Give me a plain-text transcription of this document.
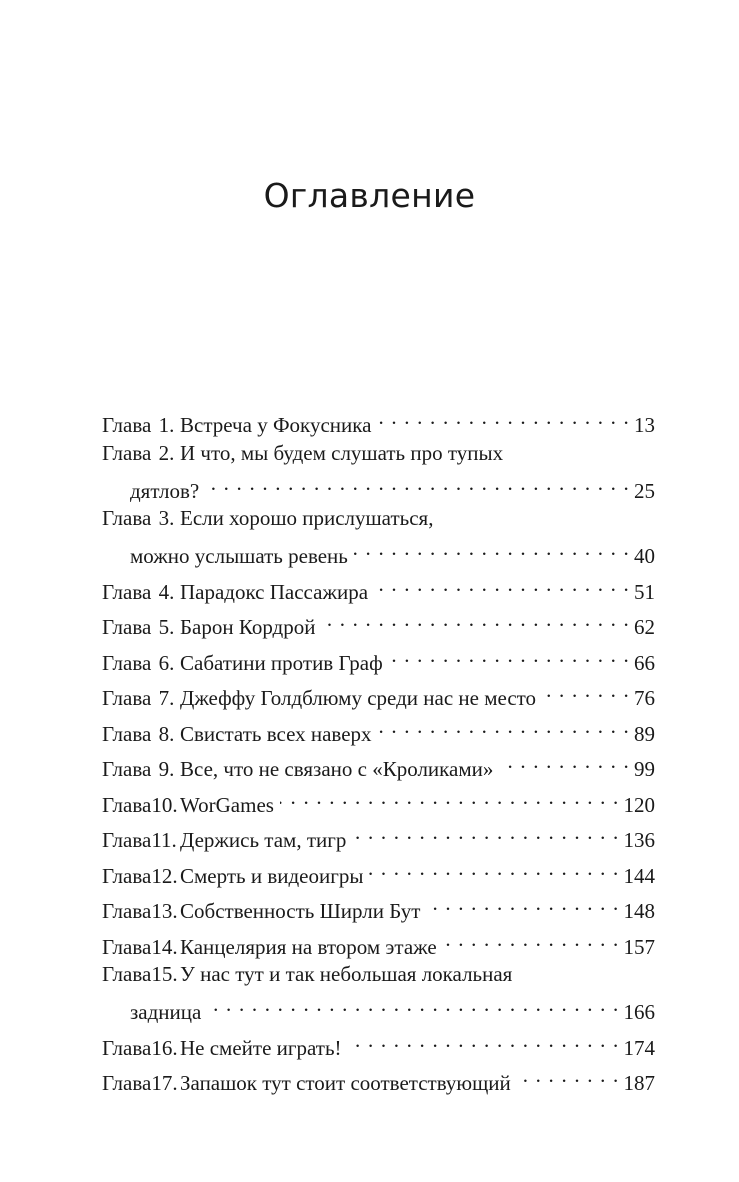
Оглавление
Глава 1. Встреча у Фокусника . . .	13
Глава 2. И что, мы будем слушать про тупых
дятлов? . . .	25
Глава 3. Если хорошо прислушаться,
можно услышать ревень . . .	40
Глава 4. Парадокс Пассажира . . .	51
Глава 5. Барон Кордрой . . .	62
Глава 6. Сабатини против Граф . . .	66
Глава 7. Джеффу Голдблюму среди нас не место . . .	76
Глава 8. Свистать всех наверх . . .	89
Глава 9. Все, что не связано с «Кроликами» . . .	99
Глава10. WorGames . . .	120
Глава11. Держись там, тигр . . .	136
Глава12. Смерть и видеоигры . . .	144
Глава13. Собственность Ширли Бут . . .	148
Глава14. Канцелярия на втором этаже . . .	157
Глава15. У нас тут и так небольшая локальная
задница . . .	166
Глава16. Не смейте играть! . . .	174
Глава17. Запашок тут стоит соответствующий . . .	187
